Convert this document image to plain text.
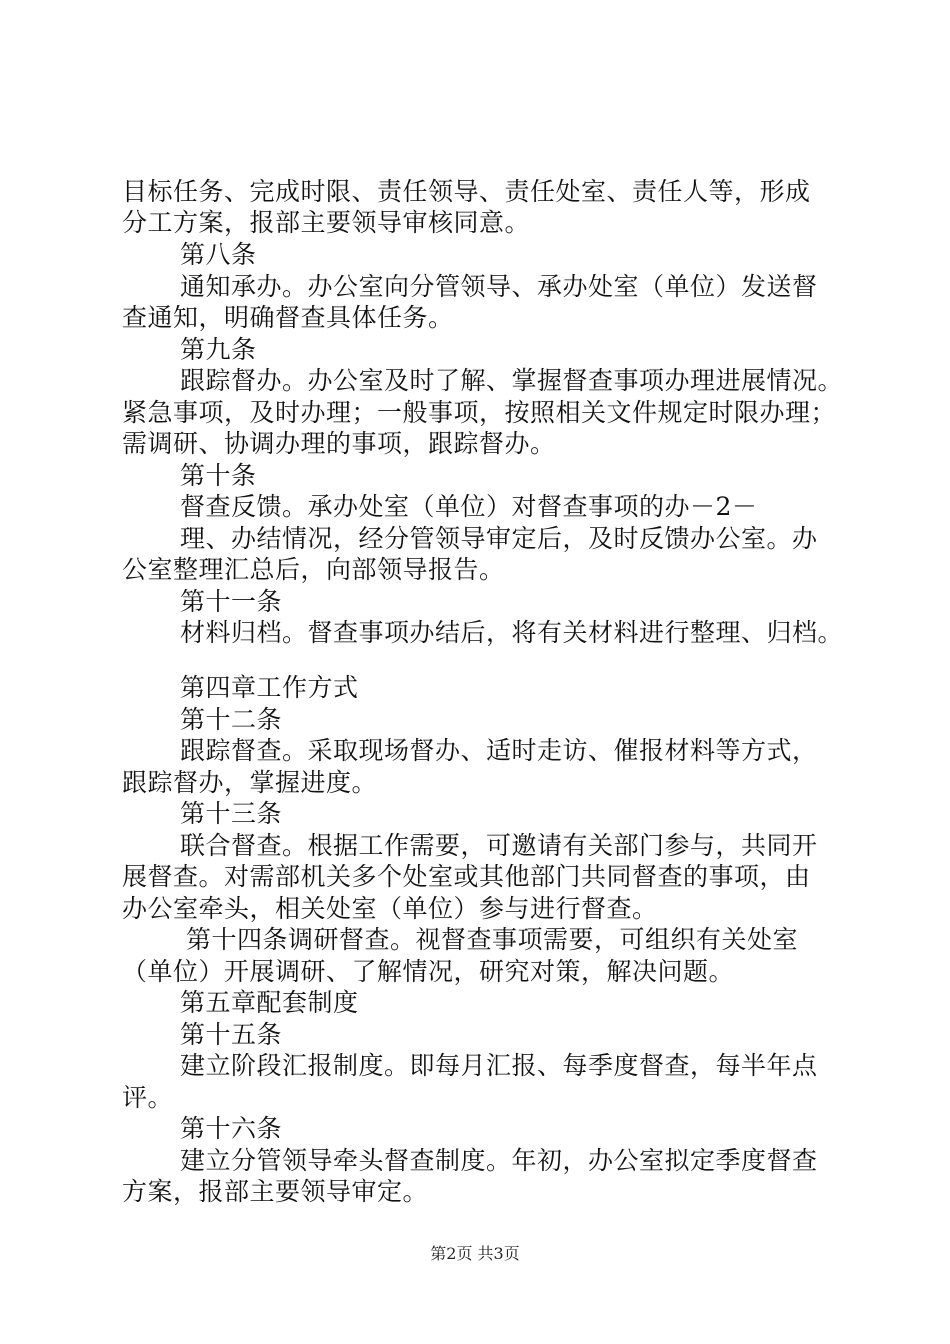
目标任务、完成时限、责任领导、责任处室、责任人等，形成
分工方案，报部主要领导审核同意。
第八条
通知承办。办公室向分管领导、承办处室（单位）发送督
查通知，明确督查具体任务。
第九条
跟踪督办。办公室及时了解、掌握督查事项办理进展情况。
紧急事项，及时办理；一般事项，按照相关文件规定时限办理；
需调研、协调办理的事项，跟踪督办。
第十条
督查反馈。承办处室（单位）对督查事项的办－2－
理、办结情况，经分管领导审定后，及时反馈办公室。办
公室整理汇总后，向部领导报告。
第十一条
材料归档。督查事项办结后，将有关材料进行整理、归档。
第四章工作方式
第十二条
跟踪督查。采取现场督办、适时走访、催报材料等方式，
跟踪督办，掌握进度。
第十三条
联合督查。根据工作需要，可邀请有关部门参与，共同开
展督查。对需部机关多个处室或其他部门共同督查的事项，由
办公室牵头，相关处室（单位）参与进行督查。
第十四条调研督查。视督查事项需要，可组织有关处室
（单位）开展调研、了解情况，研究对策，解决问题。
第五章配套制度
第十五条
建立阶段汇报制度。即每月汇报、每季度督查，每半年点
评。
第十六条
建立分管领导牵头督查制度。年初，办公室拟定季度督查
方案，报部主要领导审定。
第2页 共3页
